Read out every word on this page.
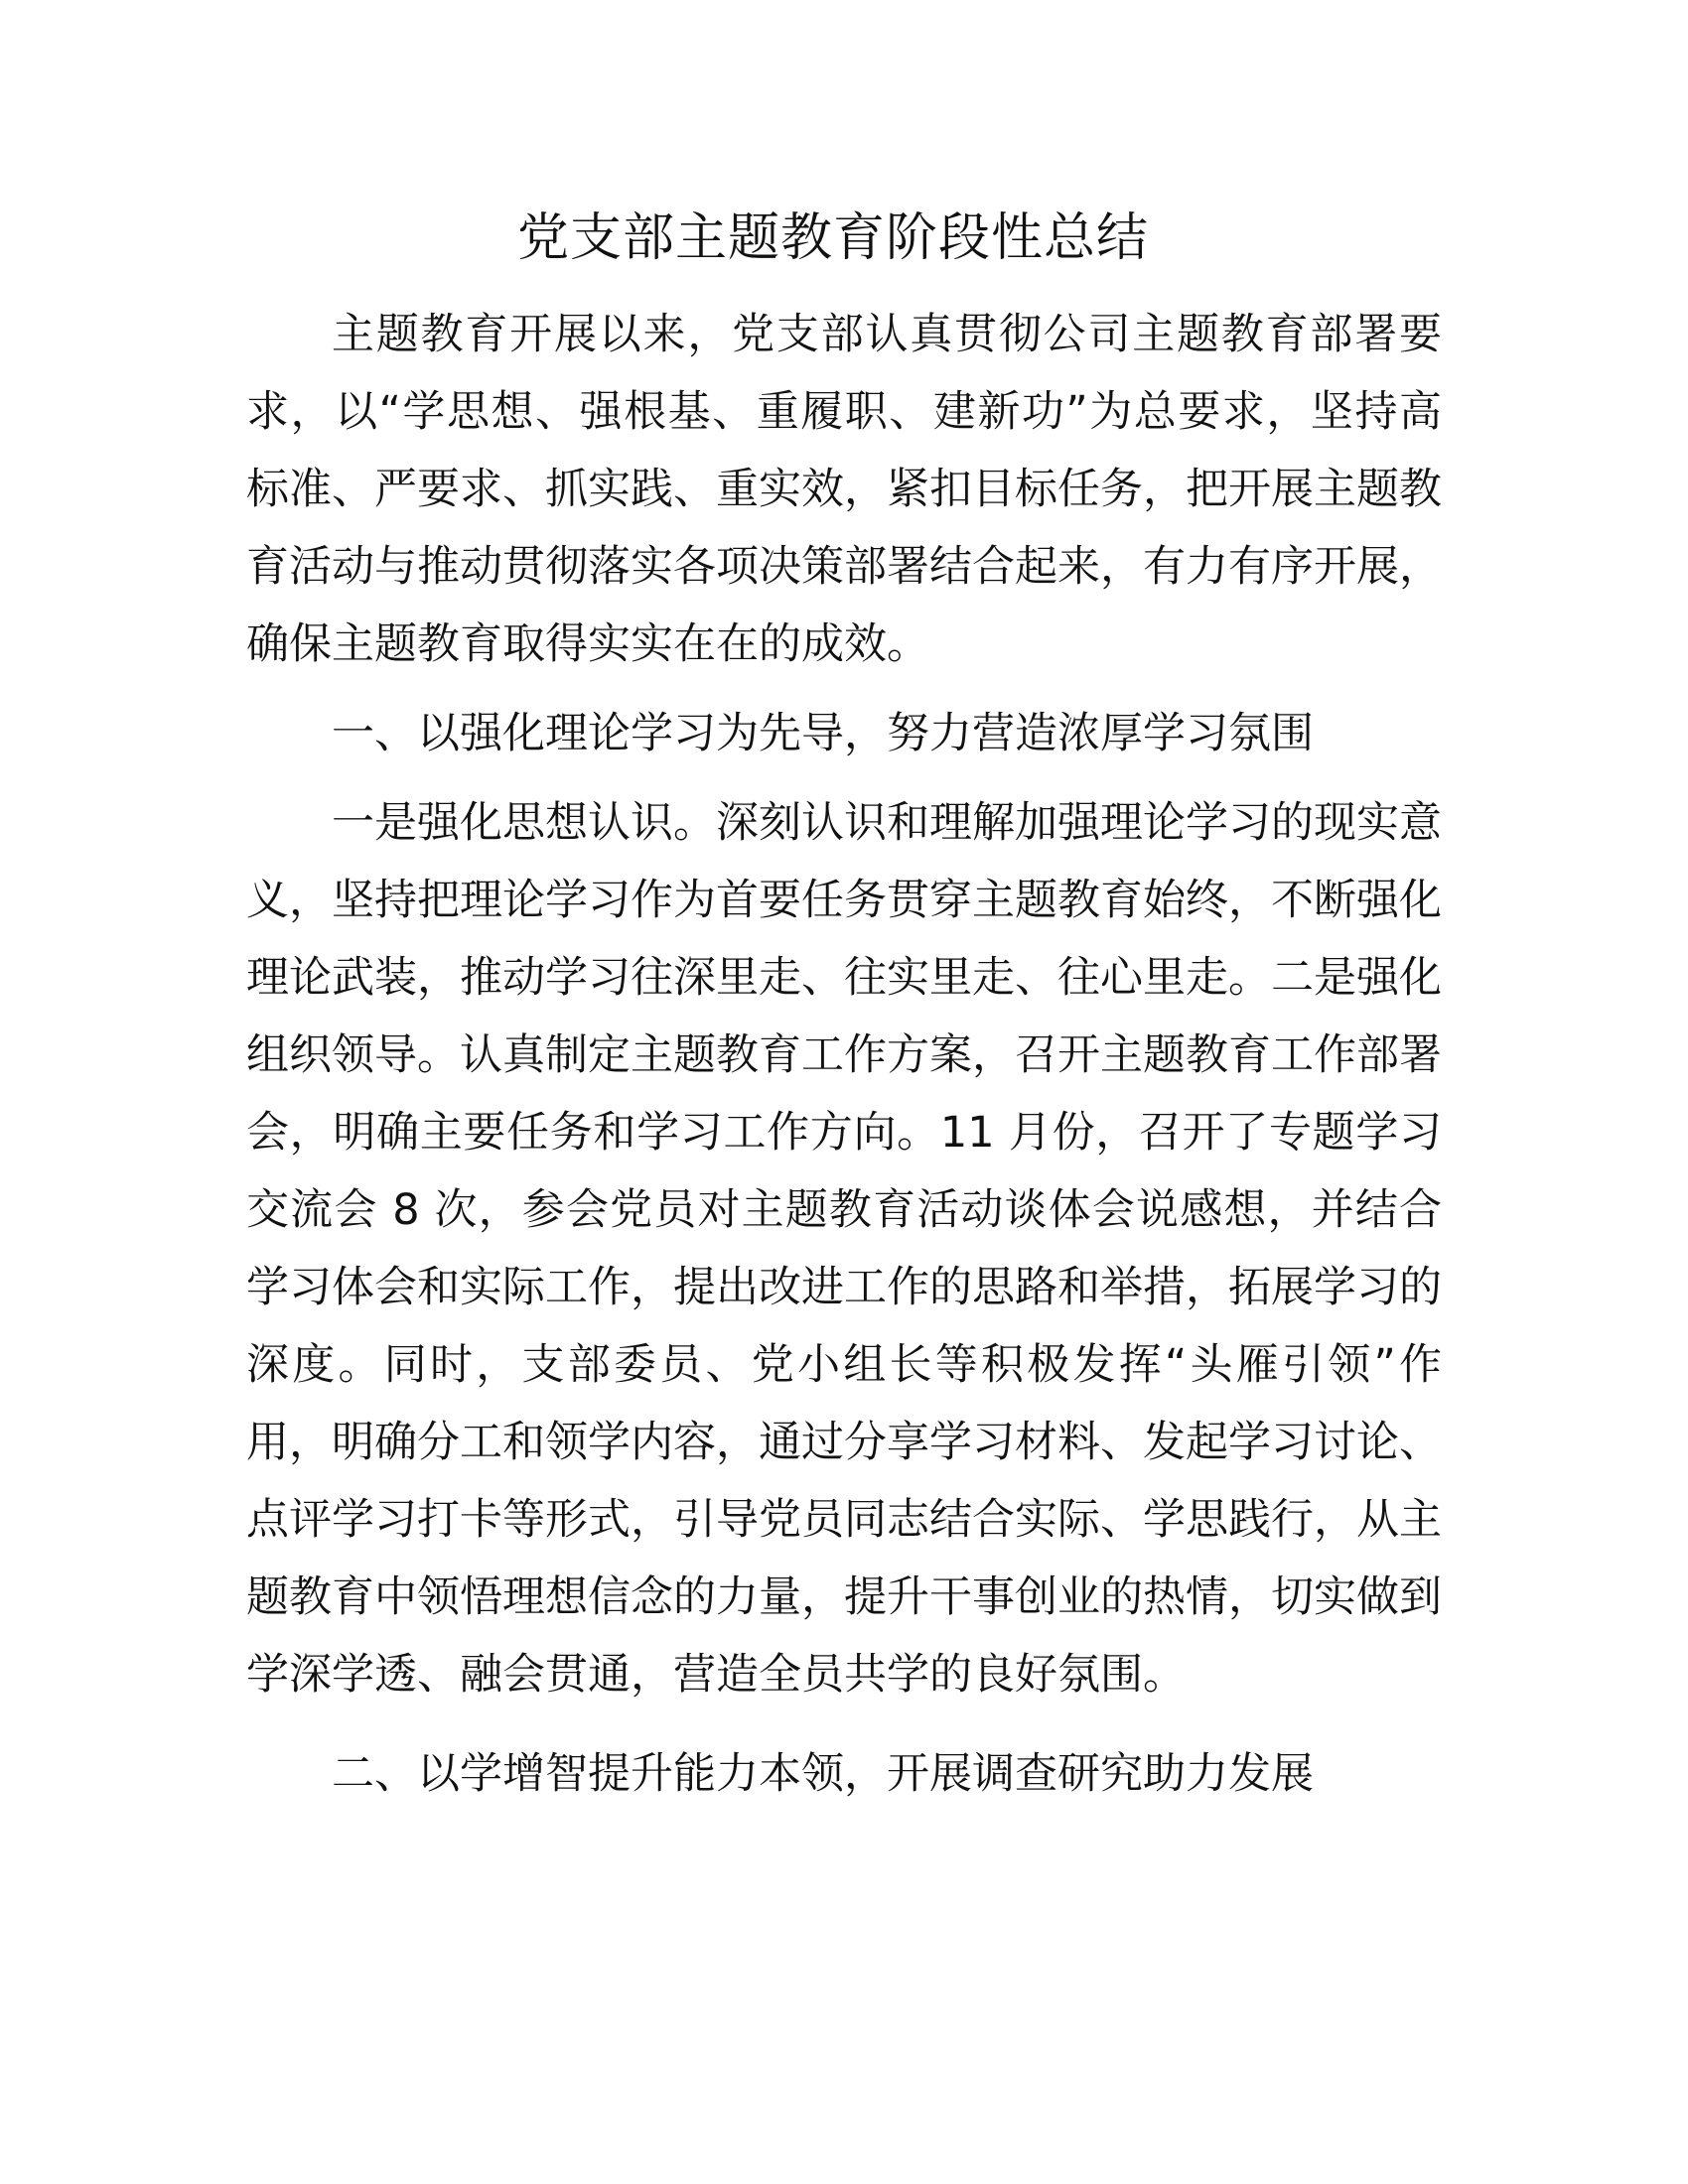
党支部主题教育阶段性总结

主题教育开展以来，党支部认真贯彻公司主题教育部署要求，以“学思想、强根基、重履职、建新功”为总要求，坚持高标准、严要求、抓实践、重实效，紧扣目标任务，把开展主题教育活动与推动贯彻落实各项决策部署结合起来，有力有序开展，确保主题教育取得实实在在的成效。

一、以强化理论学习为先导，努力营造浓厚学习氛围

一是强化思想认识。深刻认识和理解加强理论学习的现实意义，坚持把理论学习作为首要任务贯穿主题教育始终，不断强化理论武装，推动学习往深里走、往实里走、往心里走。二是强化组织领导。认真制定主题教育工作方案，召开主题教育工作部署会，明确主要任务和学习工作方向。11 月份，召开了专题学习交流会 8 次，参会党员对主题教育活动谈体会说感想，并结合学习体会和实际工作，提出改进工作的思路和举措，拓展学习的深度。同时，支部委员、党小组长等积极发挥“头雁引领”作用，明确分工和领学内容，通过分享学习材料、发起学习讨论、点评学习打卡等形式，引导党员同志结合实际、学思践行，从主题教育中领悟理想信念的力量，提升干事创业的热情，切实做到学深学透、融会贯通，营造全员共学的良好氛围。

二、以学增智提升能力本领，开展调查研究助力发展
